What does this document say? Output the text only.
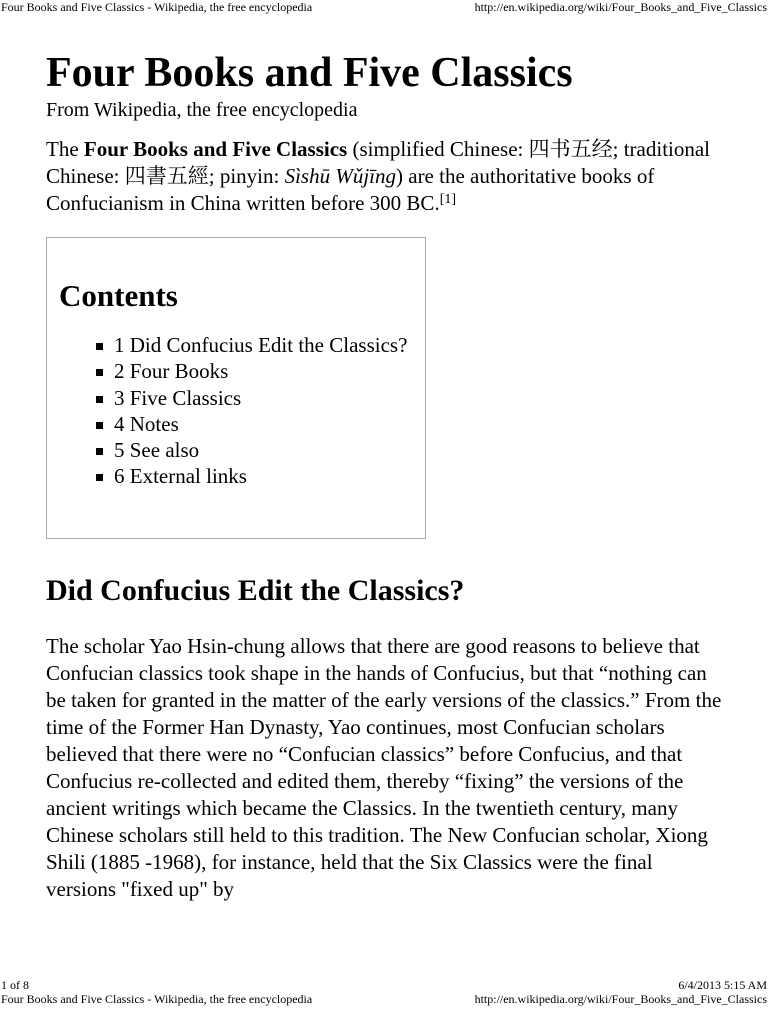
Four Books and Five Classics - Wikipedia, the free encyclopedia	http://en.wikipedia.org/wiki/Four_Books_and_Five_Classics
Four Books and Five Classics
From Wikipedia, the free encyclopedia

The Four Books and Five Classics (simplified Chinese: 四书五经; traditional Chinese: 四書五經; pinyin: Sìshū Wǔjīng) are the authoritative books of Confucianism in China written before 300 BC.[1]

Contents
1 Did Confucius Edit the Classics?
2 Four Books
3 Five Classics
4 Notes
5 See also
6 External links
Did Confucius Edit the Classics?

The scholar Yao Hsin-chung allows that there are good reasons to believe that Confucian classics took shape in the hands of Confucius, but that “nothing can be taken for granted in the matter of the early versions of the classics.” From the time of the Former Han Dynasty, Yao continues, most Confucian scholars believed that there were no “Confucian classics” before Confucius, and that Confucius re-collected and edited them, thereby “fixing” the versions of the ancient writings which became the Classics. In the twentieth century, many Chinese scholars still held to this tradition. The New Confucian scholar, Xiong Shili (1885 -1968), for instance, held that the Six Classics were the final versions "fixed up" by

1 of 8	6/4/2013 5:15 AM
Four Books and Five Classics - Wikipedia, the free encyclopedia	http://en.wikipedia.org/wiki/Four_Books_and_Five_Classics
